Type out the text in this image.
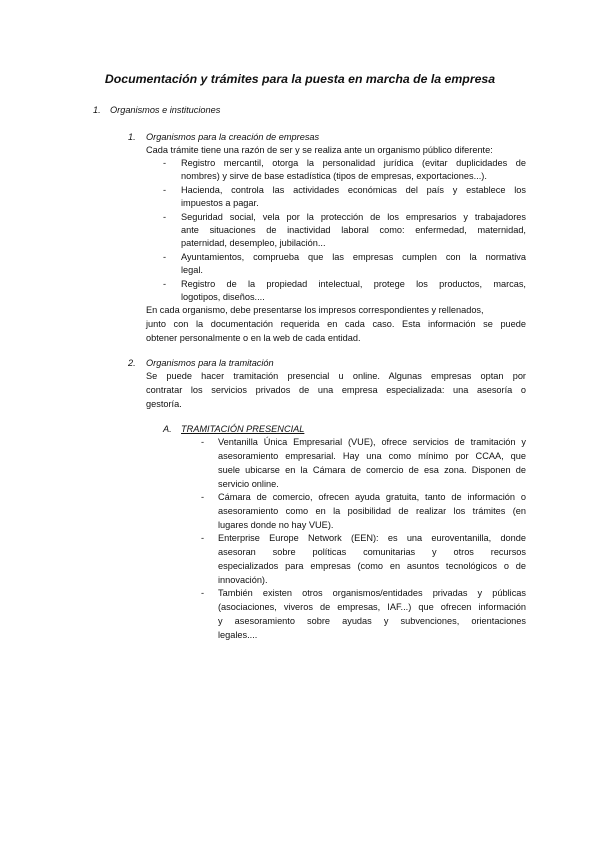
Documentación y trámites para la puesta en marcha de la empresa
1. Organismos e instituciones
1. Organismos para la creación de empresas
Cada trámite tiene una razón de ser y se realiza ante un organismo público diferente:
- Registro mercantil, otorga la personalidad jurídica (evitar duplicidades de
nombres) y sirve de base estadística (tipos de empresas, exportaciones...).
- Hacienda, controla las actividades económicas del país y establece los
impuestos a pagar.
- Seguridad social, vela por la protección de los empresarios y trabajadores
ante situaciones de inactividad laboral como: enfermedad, maternidad,
paternidad, desempleo, jubilación...
- Ayuntamientos, comprueba que las empresas cumplen con la normativa
legal.
- Registro de la propiedad intelectual, protege los productos, marcas,
logotipos, diseños....
En cada organismo, debe presentarse los impresos correspondientes y rellenados,
junto con la documentación requerida en cada caso. Esta información se puede
obtener personalmente o en la web de cada entidad.
2. Organismos para la tramitación
Se puede hacer tramitación presencial u online. Algunas empresas optan por
contratar los servicios privados de una empresa especializada: una asesoría o
gestoría.
A. TRAMITACIÓN PRESENCIAL
- Ventanilla Única Empresarial (VUE), ofrece servicios de tramitación y
asesoramiento empresarial. Hay una como mínimo por CCAA, que
suele ubicarse en la Cámara de comercio de esa zona. Disponen de
servicio online.
- Cámara de comercio, ofrecen ayuda gratuita, tanto de información o
asesoramiento como en la posibilidad de realizar los trámites (en
lugares donde no hay VUE).
- Enterprise Europe Network (EEN): es una euroventanilla, donde
asesoran sobre políticas comunitarias y otros recursos
especializados para empresas (como en asuntos tecnológicos o de
innovación).
- También existen otros organismos/entidades privadas y públicas
(asociaciones, viveros de empresas, IAF...) que ofrecen información
y asesoramiento sobre ayudas y subvenciones, orientaciones
legales....
